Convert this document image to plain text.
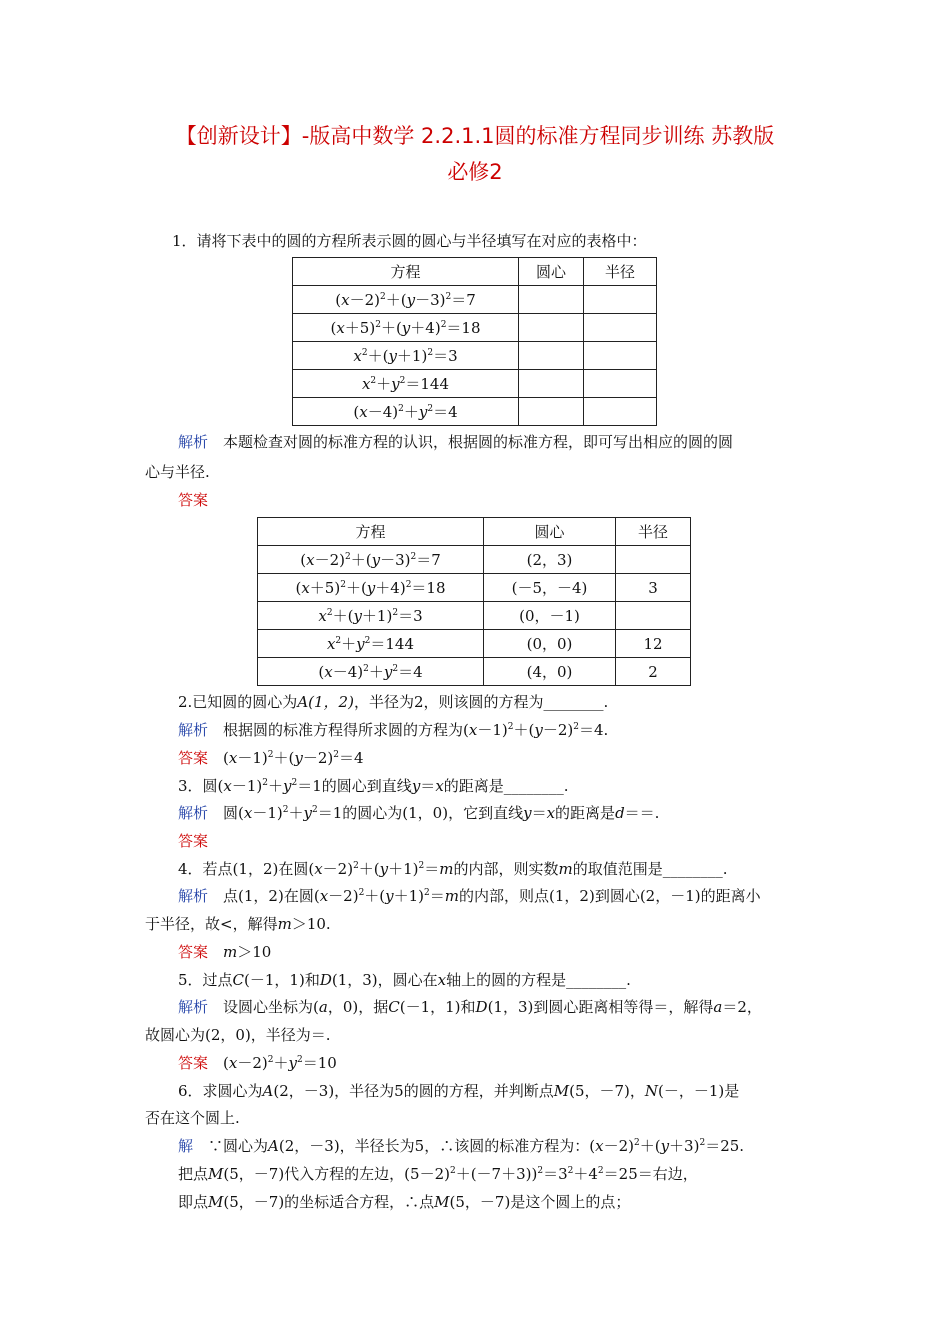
【创新设计】-版高中数学 2.2.1.1圆的标准方程同步训练 苏教版
必修2
1．请将下表中的圆的方程所表示圆的圆心与半径填写在对应的表格中：
方程	圆心	半径
$(x-2)^2+(y-3)^2=7$		
$(x+5)^2+(y+4)^2=18$		
$x^2+(y+1)^2=3$		
$x^2+y^2=144$		
$(x-4)^2+y^2=4$		
解析　 本题检查对圆的标准方程的认识，根据圆的标准方程，即可写出相应的圆的圆
心与半径.
答案
方程	圆心	半径
$(x-2)^2+(y-3)^2=7$	(2，3)	
$(x+5)^2+(y+4)^2=18$	(－5，－4)	3
$x^2+(y+1)^2=3$	(0，－1)	
$x^2+y^2=144$	(0，0)	12
$(x-4)^2+y^2=4$	(4，0)	2
2.已知圆的圆心为A(1，2)，半径为2，则该圆的方程为________.
解析　 根据圆的标准方程得所求圆的方程为$(x-1)^2+(y-2)^2=4$.
答案　 $(x-1)^2+(y-2)^2=4$
3．圆$(x-1)^2+y^2=1$的圆心到直线y＝x的距离是________.
解析　 圆$(x-1)^2+y^2=1$的圆心为(1，0)，它到直线y＝x的距离是d＝＝.
答案
4．若点(1，2)在圆$(x-2)^2+(y+1)^2=m$的内部，则实数m的取值范围是________.
解析　 点(1，2)在圆$(x-2)^2+(y+1)^2=m$的内部，则点(1，2)到圆心(2，－1)的距离小
于半径，故<，解得m＞10.
答案　 m＞10
5．过点C(－1，1)和D(1，3)，圆心在x轴上的圆的方程是________.
解析　 设圆心坐标为(a，0)，据C(－1，1)和D(1，3)到圆心距离相等得＝，解得a＝2，
故圆心为(2，0)，半径为＝.
答案　 $(x-2)^2+y^2=10$
6．求圆心为A(2，－3)，半径为5的圆的方程，并判断点M(5，－7)，N(－，－1)是
否在这个圆上.
解　 ∵圆心为A(2，－3)，半径长为5，∴该圆的标准方程为：$(x-2)^2+(y+3)^2=25$.
把点M(5，－7)代入方程的左边，$(5-2)^2+(-7+3))^2=3^2+4^2=25=$右边，
即点M(5，－7)的坐标适合方程，∴点M(5，－7)是这个圆上的点；
